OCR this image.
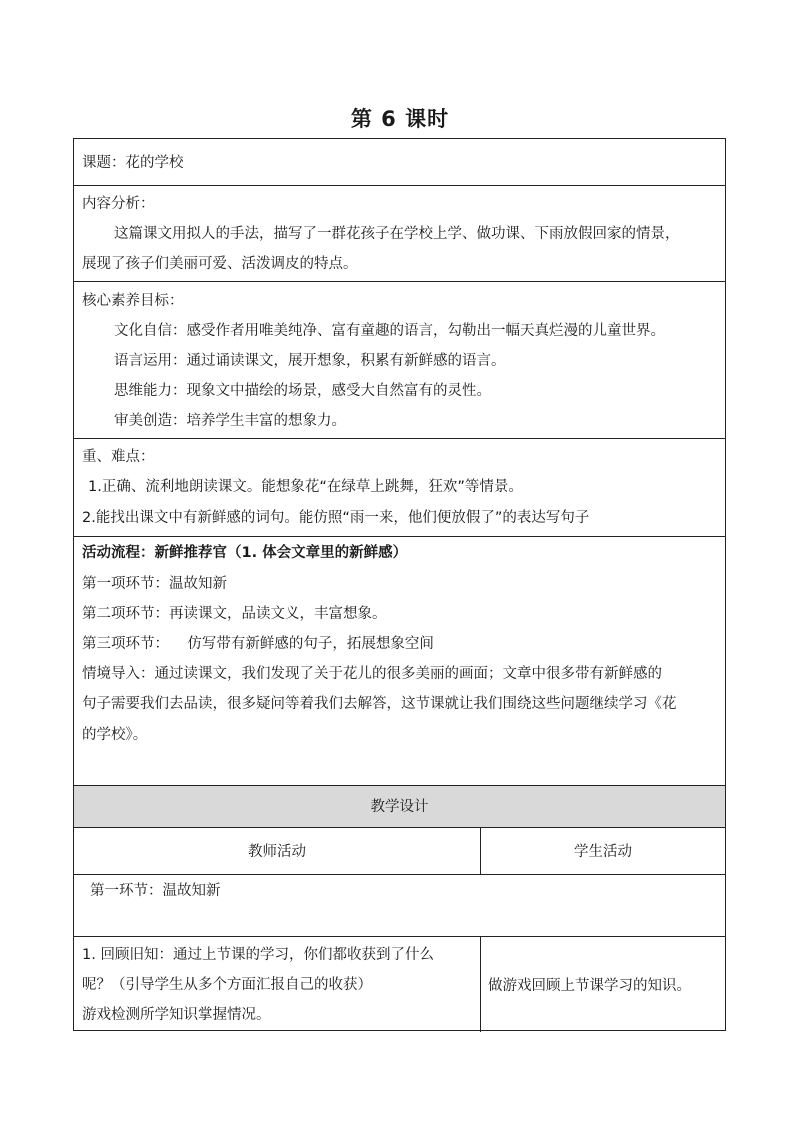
第 6 课时
课题：花的学校
内容分析：
这篇课文用拟人的手法，描写了一群花孩子在学校上学、做功课、下雨放假回家的情景，
展现了孩子们美丽可爱、活泼调皮的特点。
核心素养目标：
文化自信：感受作者用唯美纯净、富有童趣的语言，勾勒出一幅天真烂漫的儿童世界。
语言运用：通过诵读课文，展开想象，积累有新鲜感的语言。
思维能力：现象文中描绘的场景，感受大自然富有的灵性。
审美创造：培养学生丰富的想象力。
重、难点：
1.正确、流利地朗读课文。能想象花“在绿草上跳舞，狂欢”等情景。
2.能找出课文中有新鲜感的词句。能仿照“雨一来，他们便放假了”的表达写句子
活动流程：新鲜推荐官（1. 体会文章里的新鲜感）
第一项环节：温故知新
第二项环节：再读课文，品读文义，丰富想象。
第三项环节：    仿写带有新鲜感的句子，拓展想象空间
情境导入：通过读课文，我们发现了关于花儿的很多美丽的画面；文章中很多带有新鲜感的
句子需要我们去品读，很多疑问等着我们去解答，这节课就让我们围绕这些问题继续学习《花
的学校》。
教学设计
教师活动	学生活动
第一环节：温故知新
1. 回顾旧知：通过上节课的学习，你们都收获到了什么
呢？（引导学生从多个方面汇报自己的收获）
游戏检测所学知识掌握情况。
做游戏回顾上节课学习的知识。
